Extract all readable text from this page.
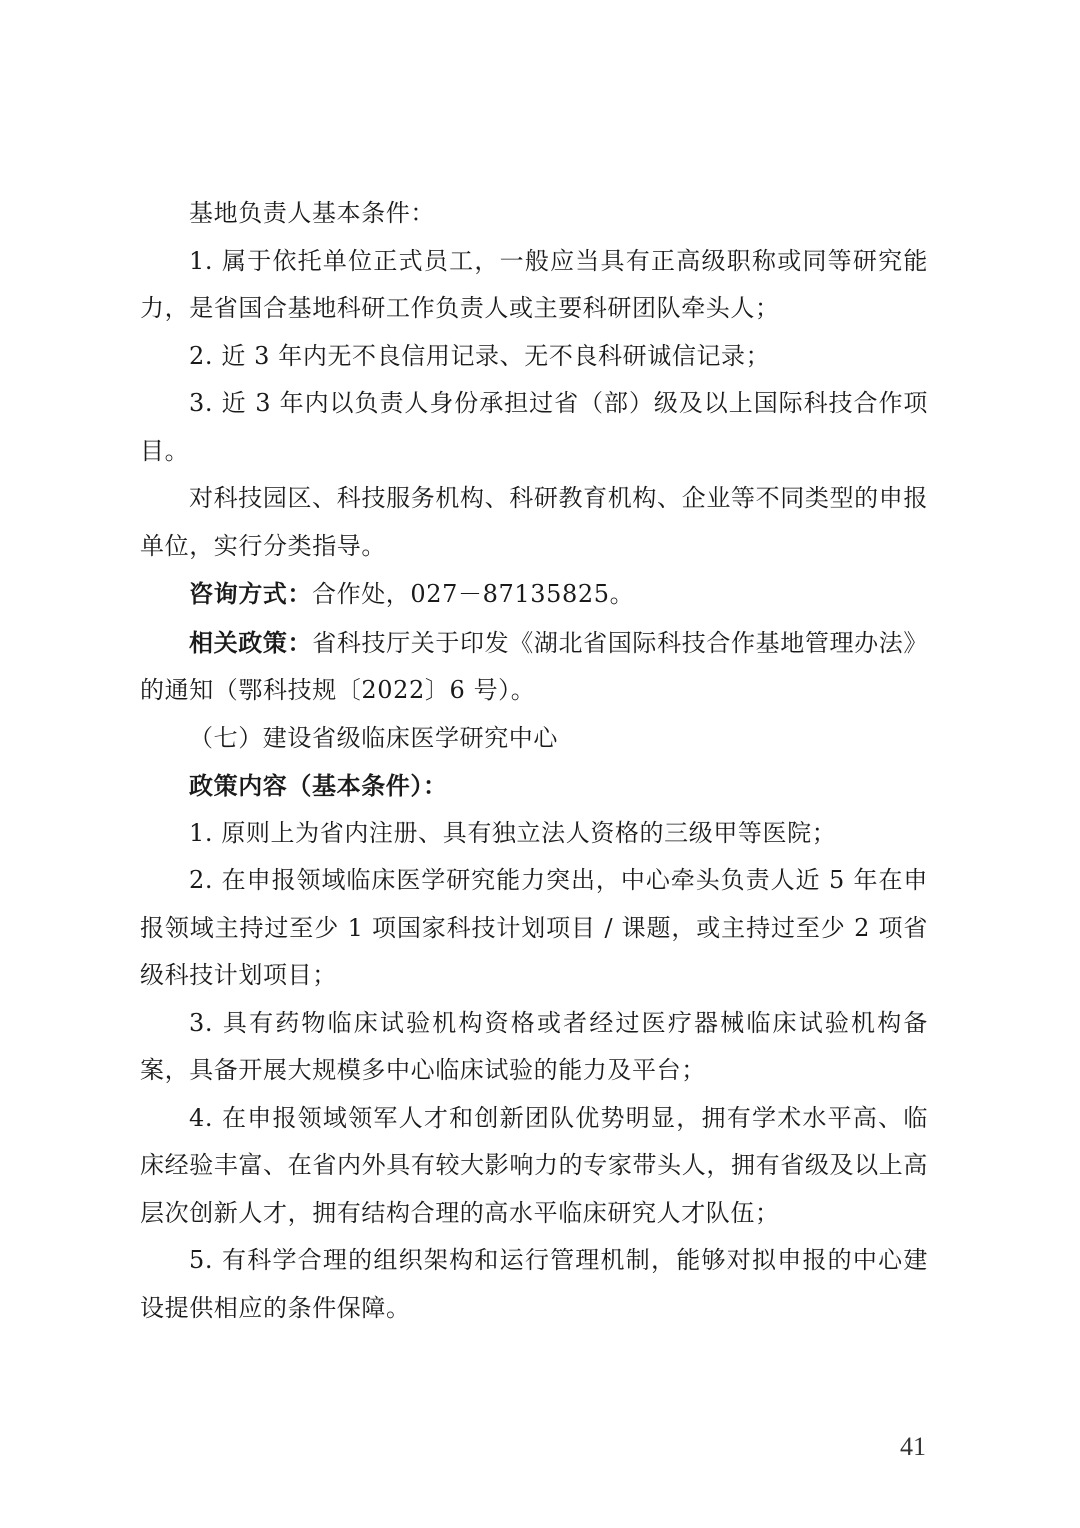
基地负责人基本条件：

1. 属于依托单位正式员工，一般应当具有正高级职称或同等研究能力，是省国合基地科研工作负责人或主要科研团队牵头人；

2. 近 3 年内无不良信用记录、无不良科研诚信记录；

3. 近 3 年内以负责人身份承担过省（部）级及以上国际科技合作项目。

对科技园区、科技服务机构、科研教育机构、企业等不同类型的申报单位，实行分类指导。

咨询方式：合作处，027－87135825。

相关政策：省科技厅关于印发《湖北省国际科技合作基地管理办法》的通知（鄂科技规〔2022〕6 号）。

（七）建设省级临床医学研究中心

政策内容（基本条件）：

1. 原则上为省内注册、具有独立法人资格的三级甲等医院；

2. 在申报领域临床医学研究能力突出，中心牵头负责人近 5 年在申报领域主持过至少 1 项国家科技计划项目 / 课题，或主持过至少 2 项省级科技计划项目；

3. 具有药物临床试验机构资格或者经过医疗器械临床试验机构备案，具备开展大规模多中心临床试验的能力及平台；

4. 在申报领域领军人才和创新团队优势明显，拥有学术水平高、临床经验丰富、在省内外具有较大影响力的专家带头人，拥有省级及以上高层次创新人才，拥有结构合理的高水平临床研究人才队伍；

5. 有科学合理的组织架构和运行管理机制，能够对拟申报的中心建设提供相应的条件保障。

41
